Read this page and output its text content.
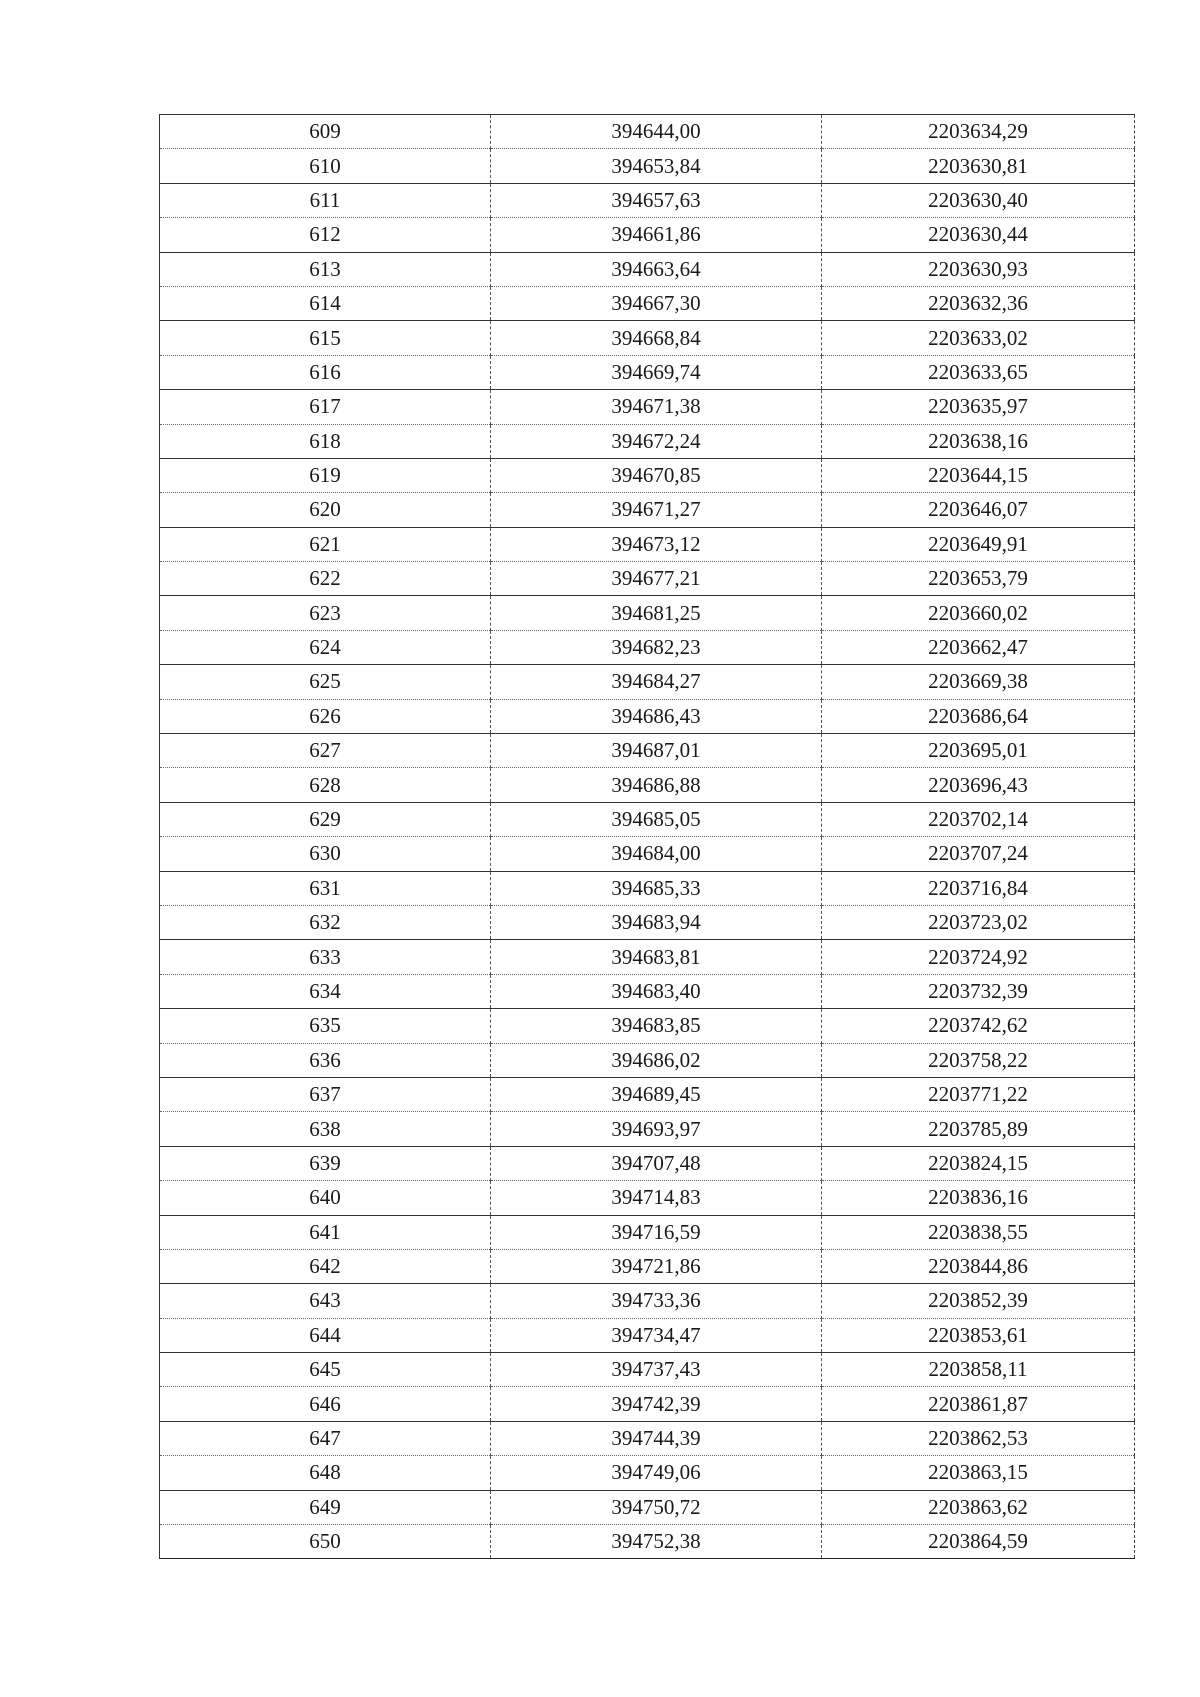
609	394644,00	2203634,29
610	394653,84	2203630,81
611	394657,63	2203630,40
612	394661,86	2203630,44
613	394663,64	2203630,93
614	394667,30	2203632,36
615	394668,84	2203633,02
616	394669,74	2203633,65
617	394671,38	2203635,97
618	394672,24	2203638,16
619	394670,85	2203644,15
620	394671,27	2203646,07
621	394673,12	2203649,91
622	394677,21	2203653,79
623	394681,25	2203660,02
624	394682,23	2203662,47
625	394684,27	2203669,38
626	394686,43	2203686,64
627	394687,01	2203695,01
628	394686,88	2203696,43
629	394685,05	2203702,14
630	394684,00	2203707,24
631	394685,33	2203716,84
632	394683,94	2203723,02
633	394683,81	2203724,92
634	394683,40	2203732,39
635	394683,85	2203742,62
636	394686,02	2203758,22
637	394689,45	2203771,22
638	394693,97	2203785,89
639	394707,48	2203824,15
640	394714,83	2203836,16
641	394716,59	2203838,55
642	394721,86	2203844,86
643	394733,36	2203852,39
644	394734,47	2203853,61
645	394737,43	2203858,11
646	394742,39	2203861,87
647	394744,39	2203862,53
648	394749,06	2203863,15
649	394750,72	2203863,62
650	394752,38	2203864,59
